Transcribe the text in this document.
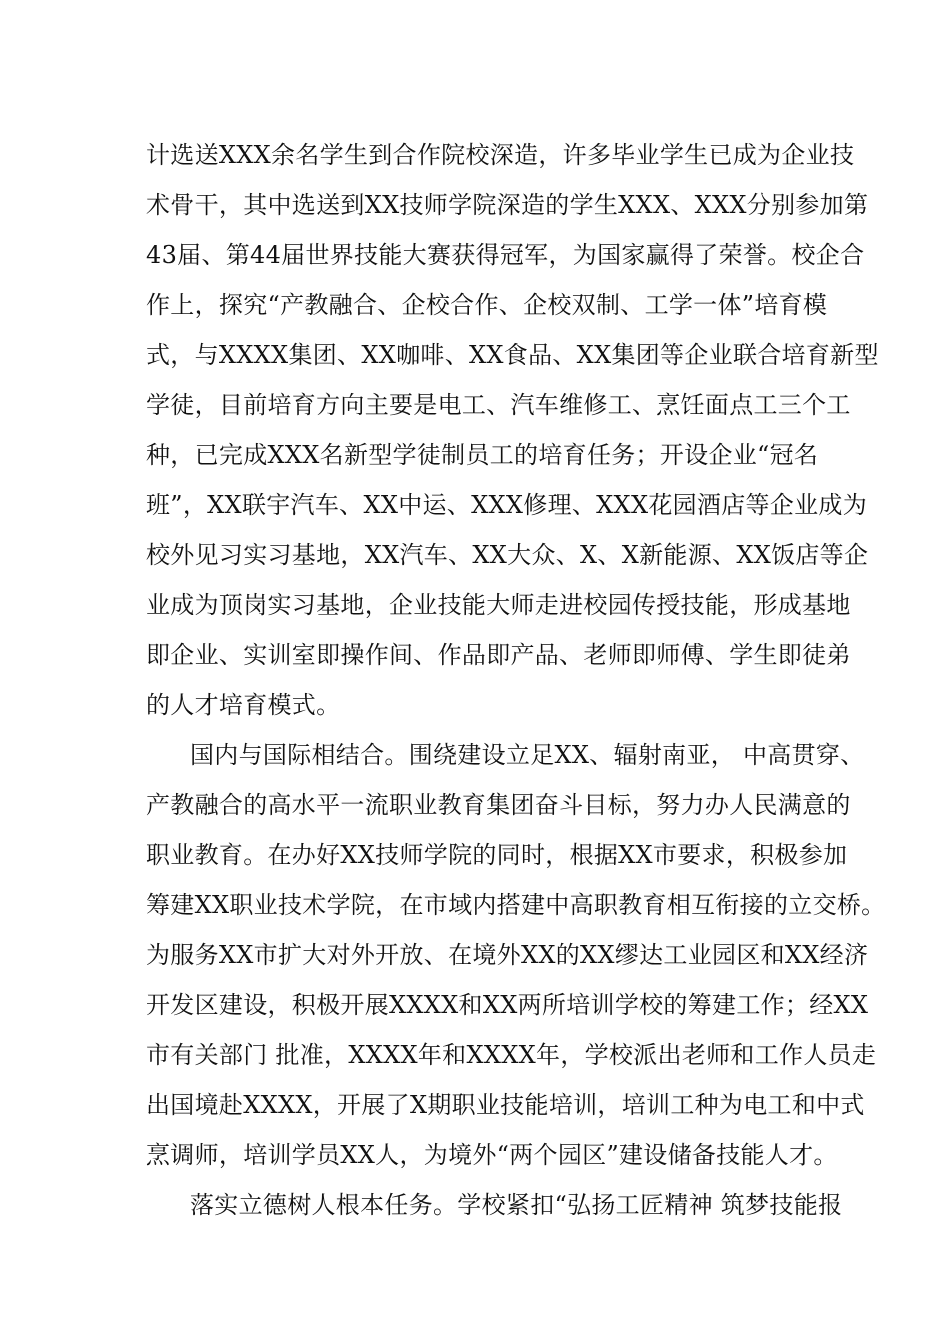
计选送XXX余名学生到合作院校深造，许多毕业学生已成为企业技
术骨干，其中选送到XX技师学院深造的学生XXX、XXX分别参加第
43届、第44届世界技能大赛获得冠军，为国家赢得了荣誉。校企合
作上，探究“产教融合、企校合作、企校双制、工学一体”培育模
式，与XXXX集团、XX咖啡、XX食品、XX集团等企业联合培育新型
学徒，目前培育方向主要是电工、汽车维修工、烹饪面点工三个工
种，已完成XXX名新型学徒制员工的培育任务；开设企业“冠名
班”，XX联宇汽车、XX中运、XXX修理、XXX花园酒店等企业成为
校外见习实习基地，XX汽车、XX大众、X、X新能源、XX饭店等企
业成为顶岗实习基地，企业技能大师走进校园传授技能，形成基地
即企业、实训室即操作间、作品即产品、老师即师傅、学生即徒弟
的人才培育模式。
国内与国际相结合。围绕建设立足XX、辐射南亚， 中高贯穿、
产教融合的高水平一流职业教育集团奋斗目标，努力办人民满意的
职业教育。在办好XX技师学院的同时，根据XX市要求，积极参加
筹建XX职业技术学院，在市域内搭建中高职教育相互衔接的立交桥。
为服务XX市扩大对外开放、在境外XX的XX缪达工业园区和XX经济
开发区建设，积极开展XXXX和XX两所培训学校的筹建工作；经XX
市有关部门 批准，XXXX年和XXXX年，学校派出老师和工作人员走
出国境赴XXXX，开展了X期职业技能培训，培训工种为电工和中式
烹调师，培训学员XX人，为境外“两个园区”建设储备技能人才。
落实立德树人根本任务。学校紧扣“弘扬工匠精神 筑梦技能报
